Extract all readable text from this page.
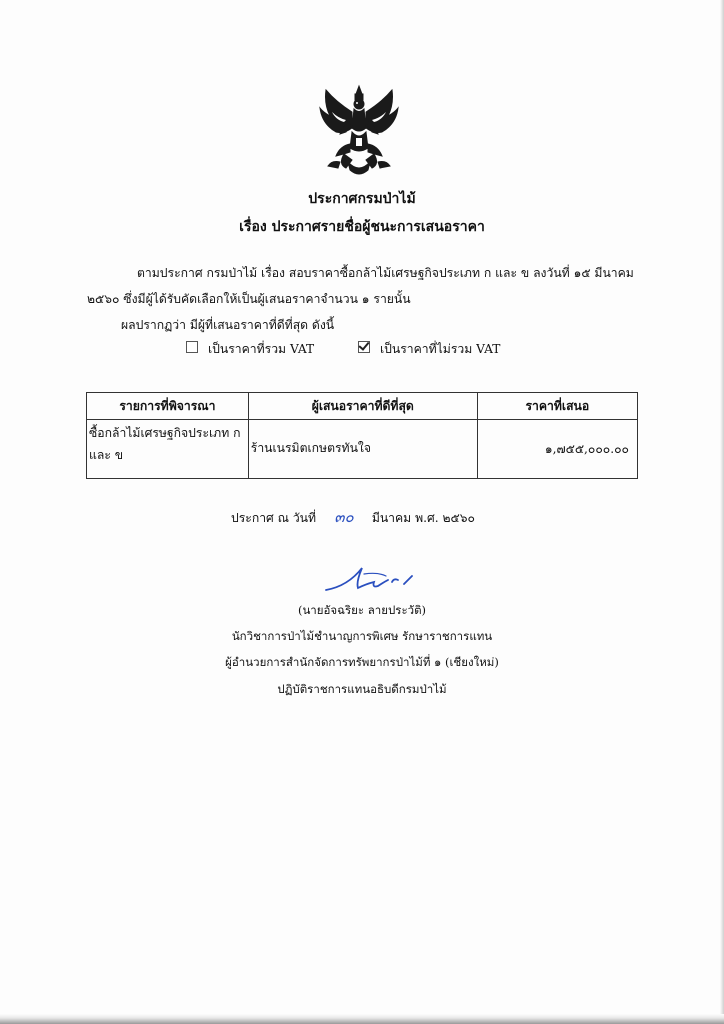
ประกาศกรมป่าไม้
เรื่อง ประกาศรายชื่อผู้ชนะการเสนอราคา
ตามประกาศ กรมป่าไม้ เรื่อง สอบราคาซื้อกล้าไม้เศรษฐกิจประเภท ก และ ข ลงวันที่ ๑๕ มีนาคม
๒๕๖๐ ซึ่งมีผู้ได้รับคัดเลือกให้เป็นผู้เสนอราคาจำนวน ๑ รายนั้น
ผลปรากฏว่า มีผู้ที่เสนอราคาที่ดีที่สุด ดังนี้
เป็นราคาที่รวม VAT	เป็นราคาที่ไม่รวม VAT
รายการที่พิจารณา	ผู้เสนอราคาที่ดีที่สุด	ราคาที่เสนอ

ซื้อกล้าไม้เศรษฐกิจประเภท ก
และ ข	ร้านเนรมิตเกษตรทันใจ	๑,๗๕๕,๐๐๐.๐๐
ประกาศ ณ วันที่ ๓๐ มีนาคม พ.ศ. ๒๕๖๐
(นายอัจฉริยะ ลายประวัติ)
นักวิชาการป่าไม้ชำนาญการพิเศษ รักษาราชการแทน
ผู้อำนวยการสำนักจัดการทรัพยากรป่าไม้ที่ ๑ (เชียงใหม่)
ปฏิบัติราชการแทนอธิบดีกรมป่าไม้
